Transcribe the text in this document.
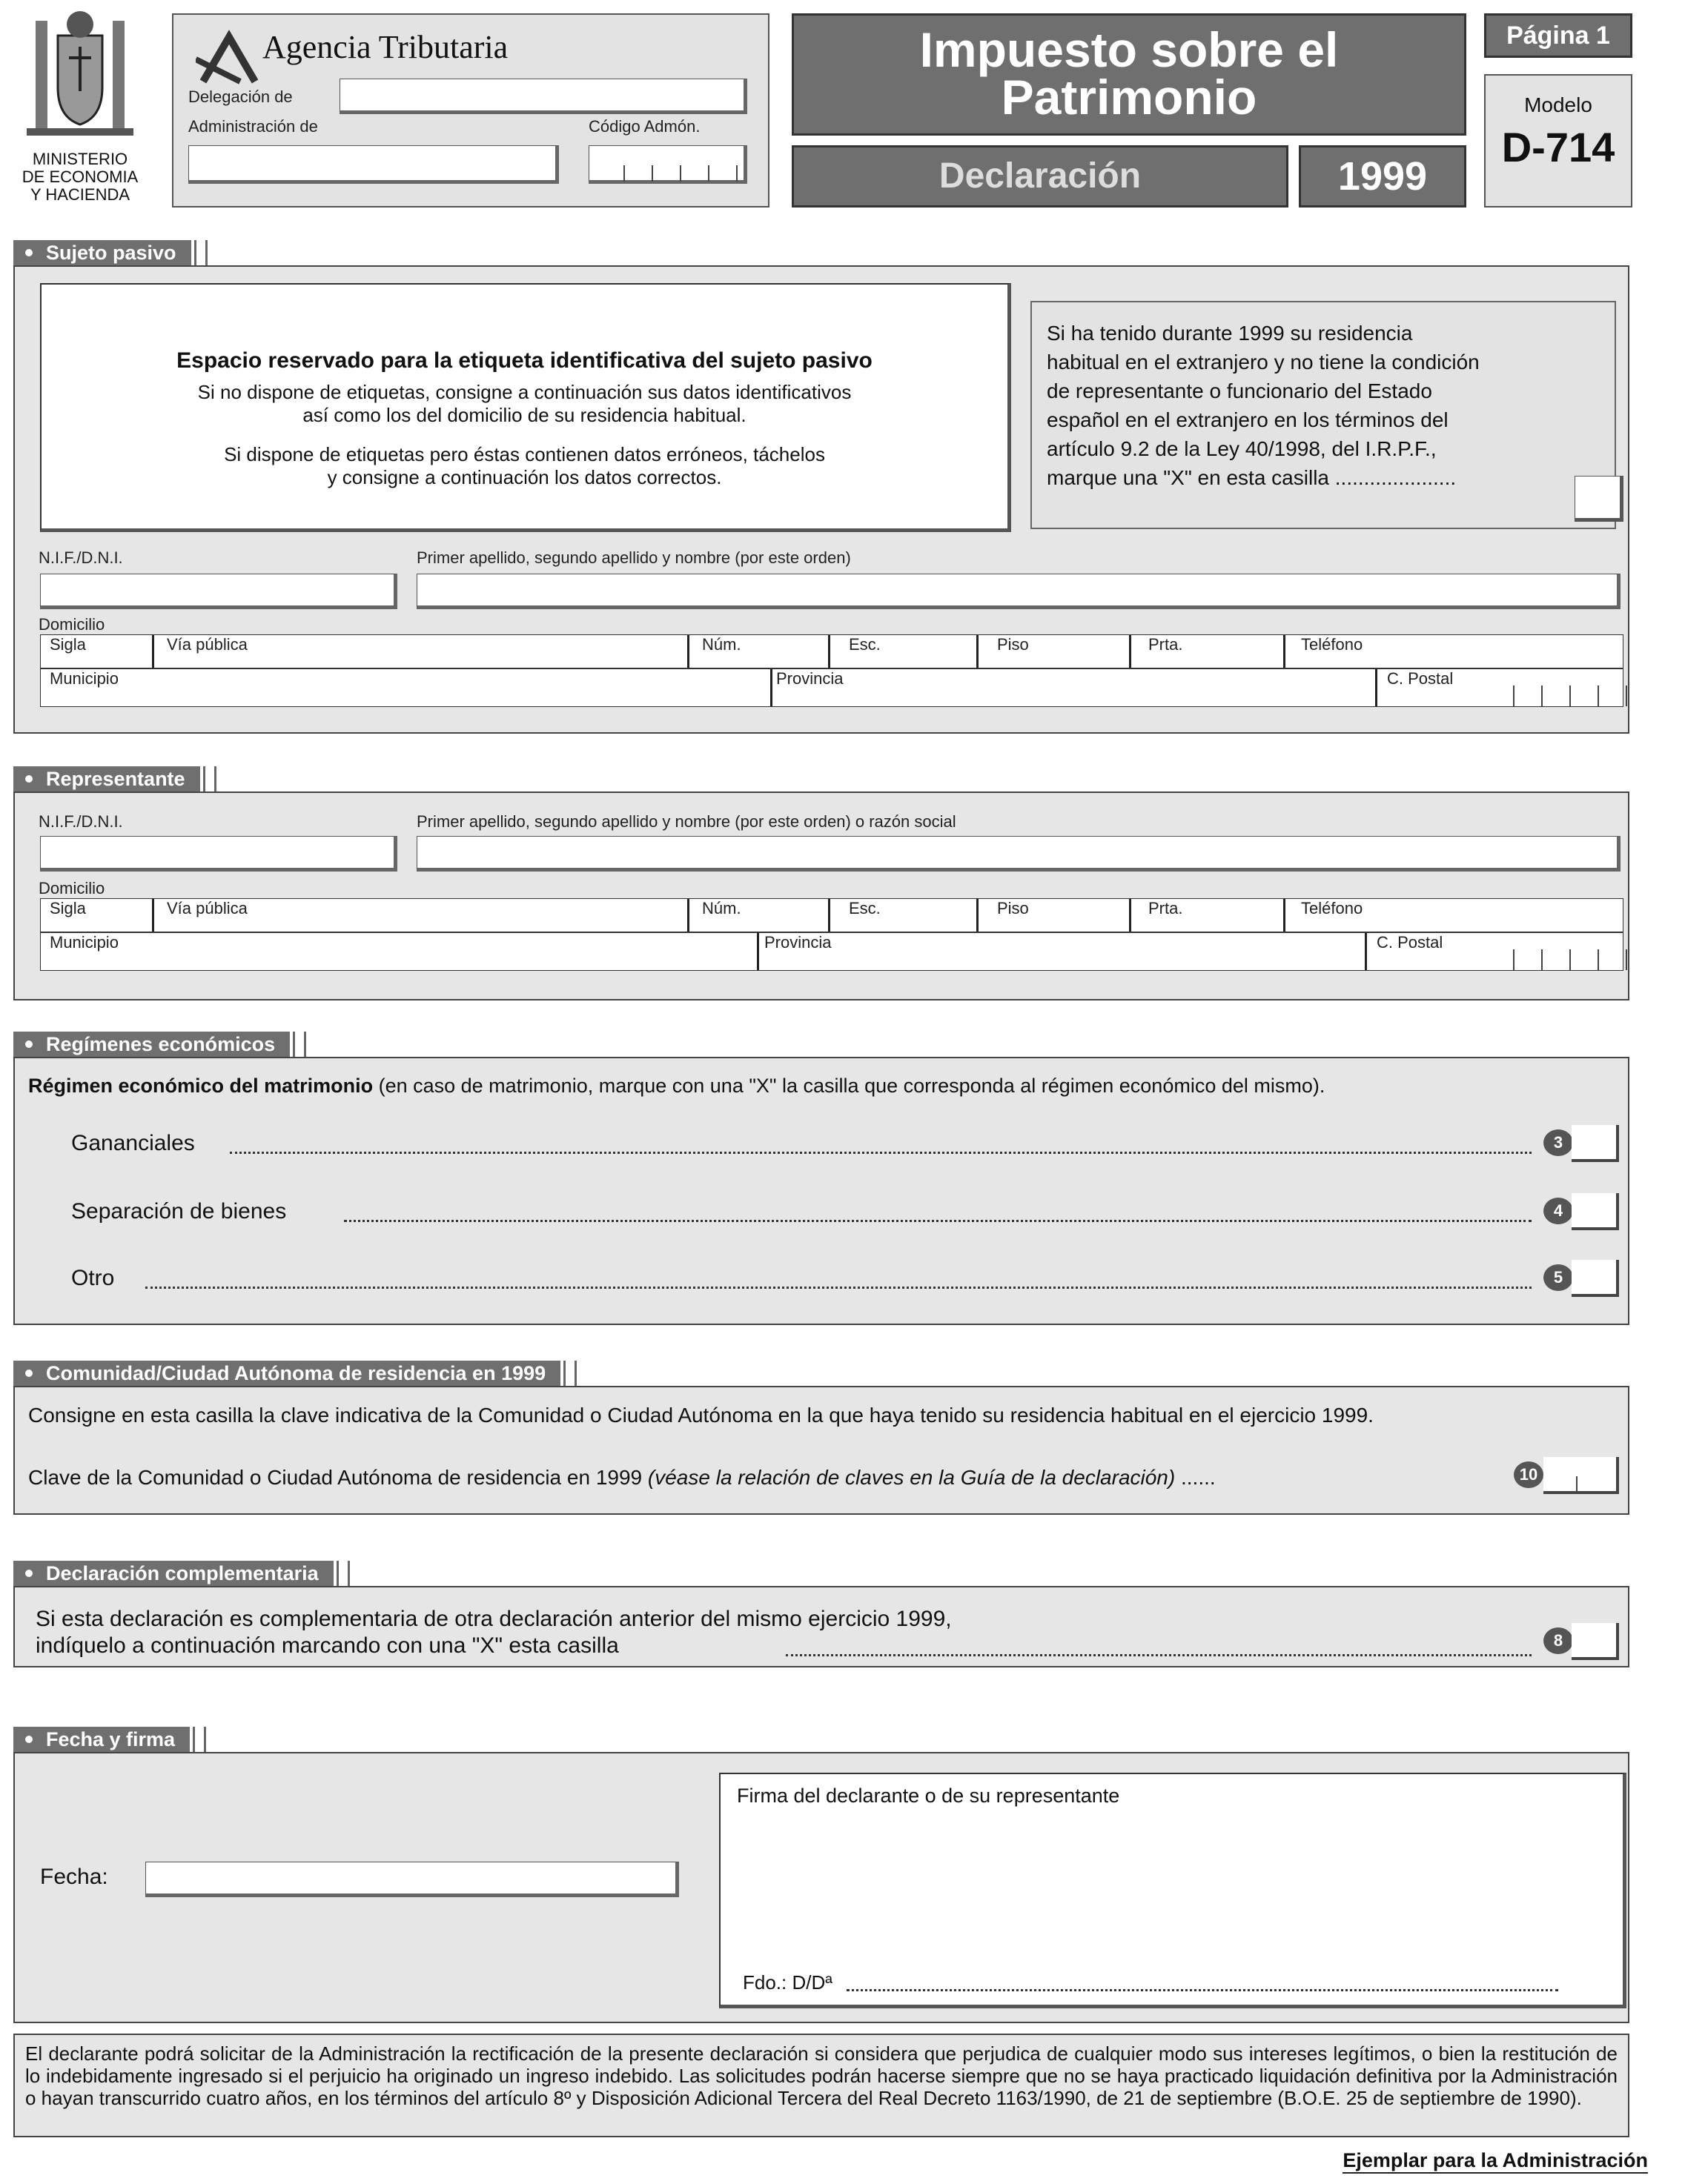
MINISTERIO
DE ECONOMIA
Y HACIENDA
Agencia Tributaria
Delegación de
Administración de	Código Admón.
Impuesto sobre el
Patrimonio
Declaración	1999
Página 1
Modelo
D-714
Sujeto pasivo
Espacio reservado para la etiqueta identificativa del sujeto pasivo
Si no dispone de etiquetas, consigne a continuación sus datos identificativos
así como los del domicilio de su residencia habitual.
Si dispone de etiquetas pero éstas contienen datos erróneos, táchelos
y consigne a continuación los datos correctos.
Si ha tenido durante 1999 su residencia
habitual en el extranjero y no tiene la condición
de representante o funcionario del Estado
español en el extranjero en los términos del
artículo 9.2 de la Ley 40/1998, del I.R.P.F.,
marque una "X" en esta casilla .....................
N.I.F./D.N.I.	Primer apellido, segundo apellido y nombre (por este orden)
Domicilio
Sigla	Vía pública	Núm.	Esc.	Piso	Prta.	Teléfono
Municipio	Provincia	C. Postal
Representante
N.I.F./D.N.I.	Primer apellido, segundo apellido y nombre (por este orden) o razón social
Domicilio
Sigla	Vía pública	Núm.	Esc.	Piso	Prta.	Teléfono
Municipio	Provincia	C. Postal
Regímenes económicos
Régimen económico del matrimonio (en caso de matrimonio, marque con una "X" la casilla que corresponda al régimen económico del mismo).
Gananciales	3
Separación de bienes	4
Otro	5
Comunidad/Ciudad Autónoma de residencia en 1999
Consigne en esta casilla la clave indicativa de la Comunidad o Ciudad Autónoma en la que haya tenido su residencia habitual en el ejercicio 1999.
Clave de la Comunidad o Ciudad Autónoma de residencia en 1999 (véase la relación de claves en la Guía de la declaración) ......	10
Declaración complementaria
Si esta declaración es complementaria de otra declaración anterior del mismo ejercicio 1999,
indíquelo a continuación marcando con una "X" esta casilla	8
Fecha y firma
Fecha:
Firma del declarante o de su representante
Fdo.: D/Dª
El declarante podrá solicitar de la Administración la rectificación de la presente declaración si considera que perjudica de cualquier modo sus intereses legítimos, o bien la restitución de lo indebidamente ingresado si el perjuicio ha originado un ingreso indebido. Las solicitudes podrán hacerse siempre que no se haya practicado liquidación definitiva por la Administración o hayan transcurrido cuatro años, en los términos del artículo 8º y Disposición Adicional Tercera del Real Decreto 1163/1990, de 21 de septiembre (B.O.E. 25 de septiembre de 1990).
Ejemplar para la Administración
